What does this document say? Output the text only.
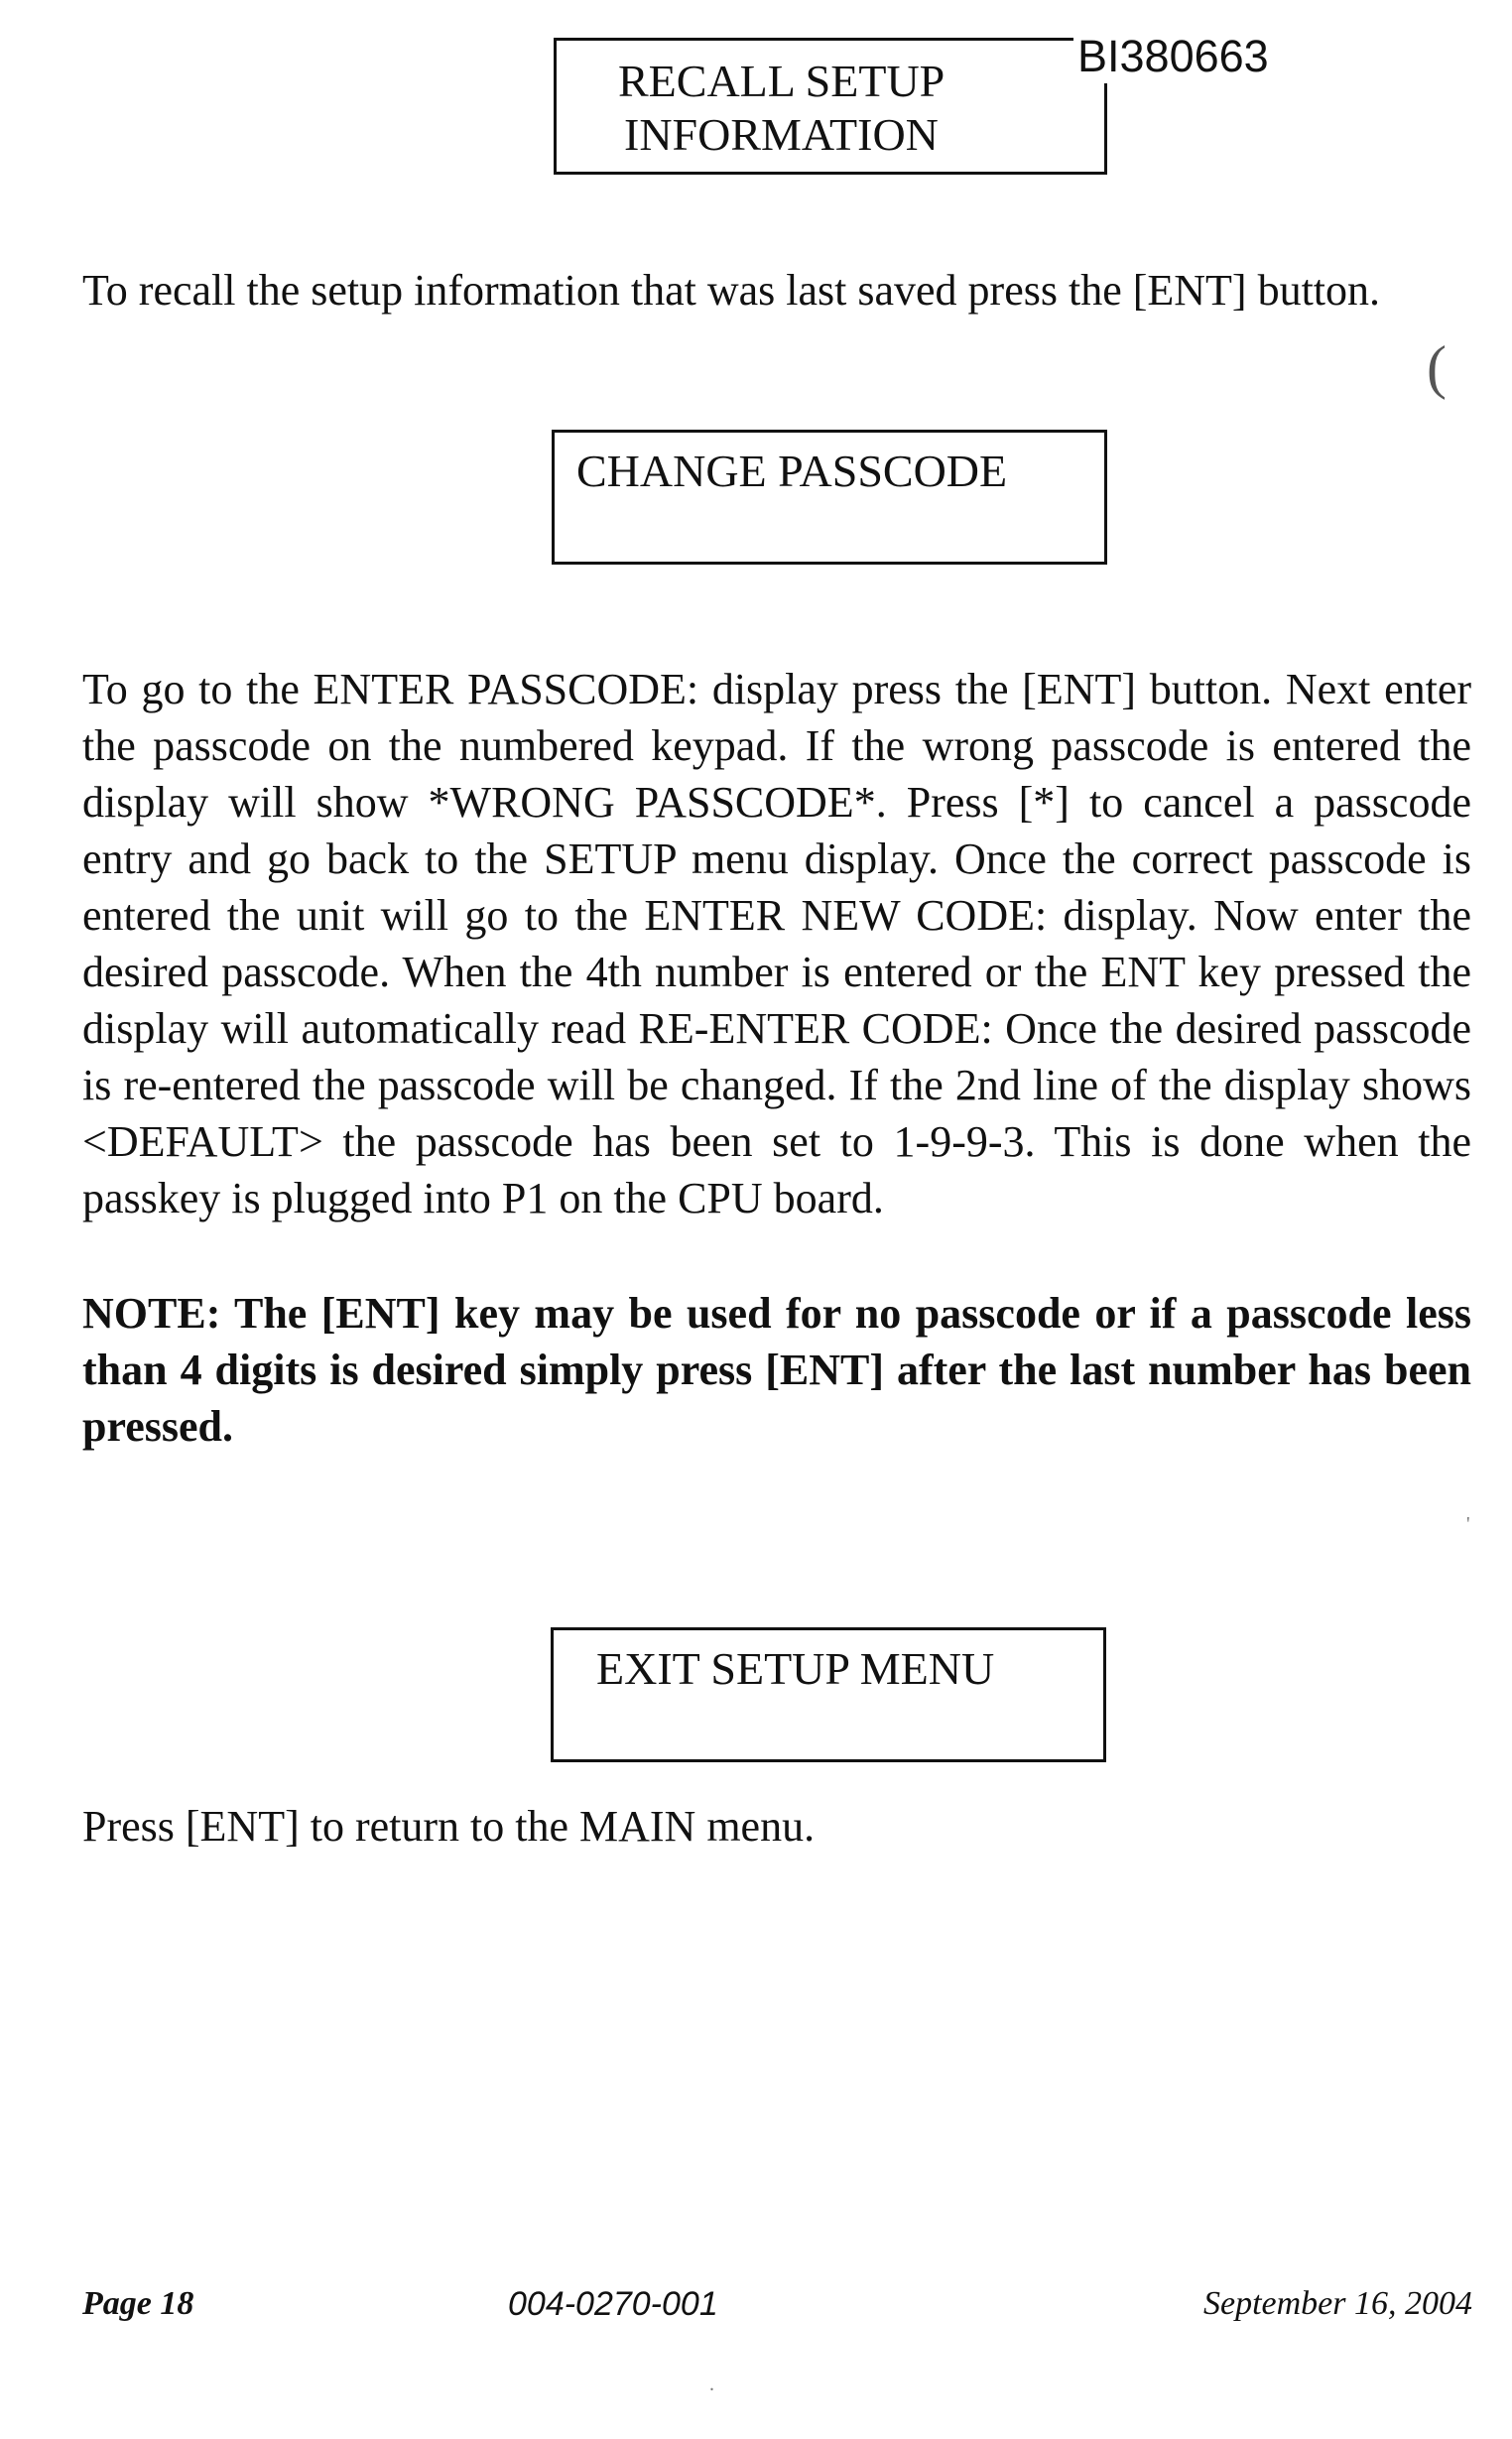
RECALL SETUP
INFORMATION
BI380663

To recall the setup information that was last saved press the [ENT] button.

(
CHANGE PASSCODE

To go to the ENTER PASSCODE: display press the [ENT] button. Next enter the passcode on the numbered keypad. If the wrong passcode is entered the display will show *WRONG PASSCODE*. Press [*] to cancel a passcode entry and go back to the SETUP menu display. Once the correct passcode is entered the unit will go to the ENTER NEW CODE: display. Now enter the desired passcode. When the 4th number is entered or the ENT key pressed the display will automatically read RE-ENTER CODE: Once the desired passcode is re-entered the passcode will be changed. If the 2nd line of the display shows <DEFAULT> the passcode has been set to 1-9-9-3. This is done when the passkey is plugged into P1 on the CPU board.

NOTE: The [ENT] key may be used for no passcode or if a passcode less than 4 digits is desired simply press [ENT] after the last number has been pressed.

'
EXIT SETUP MENU

Press [ENT] to return to the MAIN menu.

Page 18	004-0270-001	September 16, 2004
.
